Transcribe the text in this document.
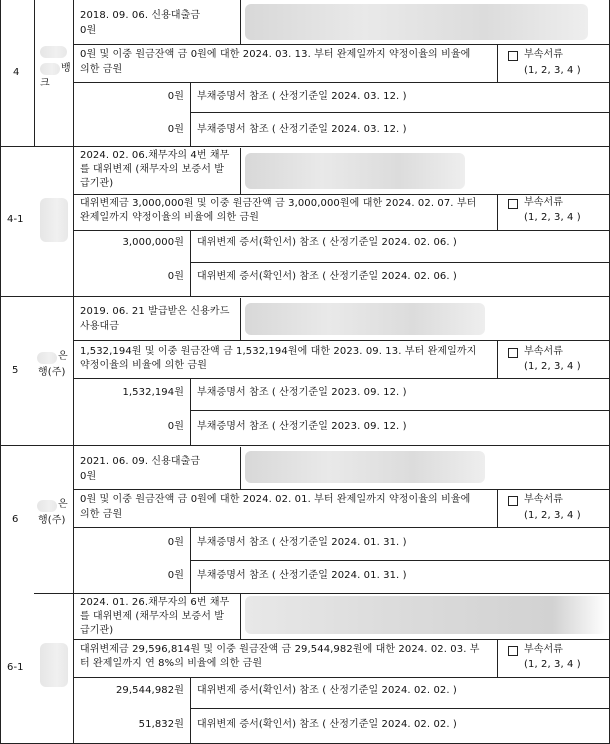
4	뱅
크
2018. 09. 06. 신용대출금
0원
0원 및 이중 원금잔액 금 0원에 대한 2024. 03. 13. 부터 완제일까지 약정이율의 비율에
의한 금원
부속서류
(1, 2, 3, 4 )
0원 부채증명서 참조 ( 산정기준일 2024. 03. 12. )
0원 부채증명서 참조 ( 산정기준일 2024. 03. 12. )
4-1
2024. 02. 06.채무자의 4번 채무
를 대위변제 (채무자의 보증서 발
급기관)
대위변제금 3,000,000원 및 이중 원금잔액 금 3,000,000원에 대한 2024. 02. 07. 부터
완제일까지 약정이율의 비율에 의한 금원
부속서류
(1, 2, 3, 4 )
3,000,000원 대위변제 증서(확인서) 참조 ( 산정기준일 2024. 02. 06. )
0원 대위변제 증서(확인서) 참조 ( 산정기준일 2024. 02. 06. )
5
은
행(주)
2019. 06. 21 발급받은 신용카드
사용대금
1,532,194원 및 이중 원금잔액 금 1,532,194원에 대한 2023. 09. 13. 부터 완제일까지
약정이율의 비율에 의한 금원
부속서류
(1, 2, 3, 4 )
1,532,194원 부채증명서 참조 ( 산정기준일 2023. 09. 12. )
0원 부채증명서 참조 ( 산정기준일 2023. 09. 12. )
6
은
행(주)
2021. 06. 09. 신용대출금
0원
0원 및 이중 원금잔액 금 0원에 대한 2024. 02. 01. 부터 완제일까지 약정이율의 비율에
의한 금원
부속서류
(1, 2, 3, 4 )
0원 부채증명서 참조 ( 산정기준일 2024. 01. 31. )
0원 부채증명서 참조 ( 산정기준일 2024. 01. 31. )
6-1
2024. 01. 26.채무자의 6번 채무
를 대위변제 (채무자의 보증서 발
급기관)
대위변제금 29,596,814원 및 이중 원금잔액 금 29,544,982원에 대한 2024. 02. 03. 부
터 완제일까지 연 8%의 비율에 의한 금원
부속서류
(1, 2, 3, 4 )
29,544,982원 대위변제 증서(확인서) 참조 ( 산정기준일 2024. 02. 02. )
51,832원 대위변제 증서(확인서) 참조 ( 산정기준일 2024. 02. 02. )
